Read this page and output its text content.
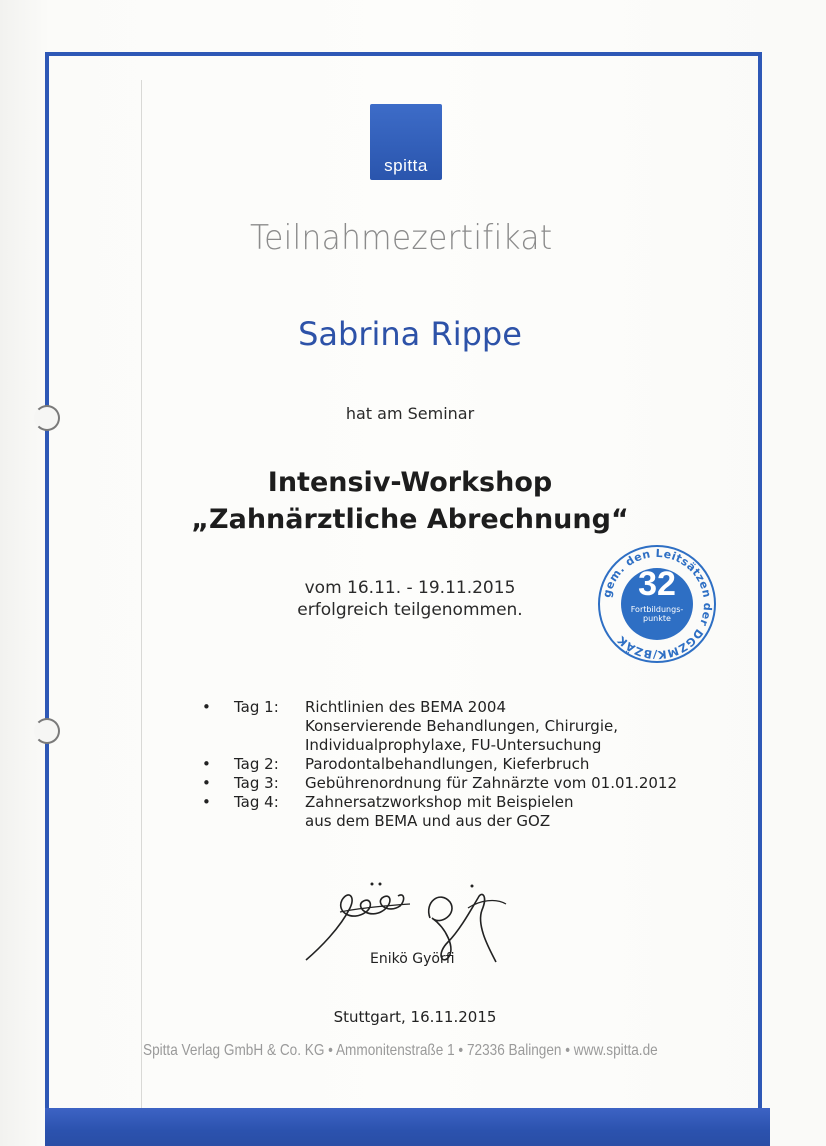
spitta
Teilnahmezertifikat
Sabrina Rippe
hat am Seminar
Intensiv-Workshop
„Zahnärztliche Abrechnung“
vom 16.11. - 19.11.2015
erfolgreich teilgenommen.
gem. den Leitsätzen der DGZMK/BZÄK
32
Fortbildungs-
punkte
•	Tag 1:	Richtlinien des BEMA 2004
Konservierende Behandlungen, Chirurgie,
Individualprophylaxe, FU-Untersuchung
•	Tag 2:	Parodontalbehandlungen, Kieferbruch
•	Tag 3:	Gebührenordnung für Zahnärzte vom 01.01.2012
•	Tag 4:	Zahnersatzworkshop mit Beispielen
aus dem BEMA und aus der GOZ
Enikö Györfi
Stuttgart, 16.11.2015
Spitta Verlag GmbH & Co. KG • Ammonitenstraße 1 • 72336 Balingen • www.spitta.de
